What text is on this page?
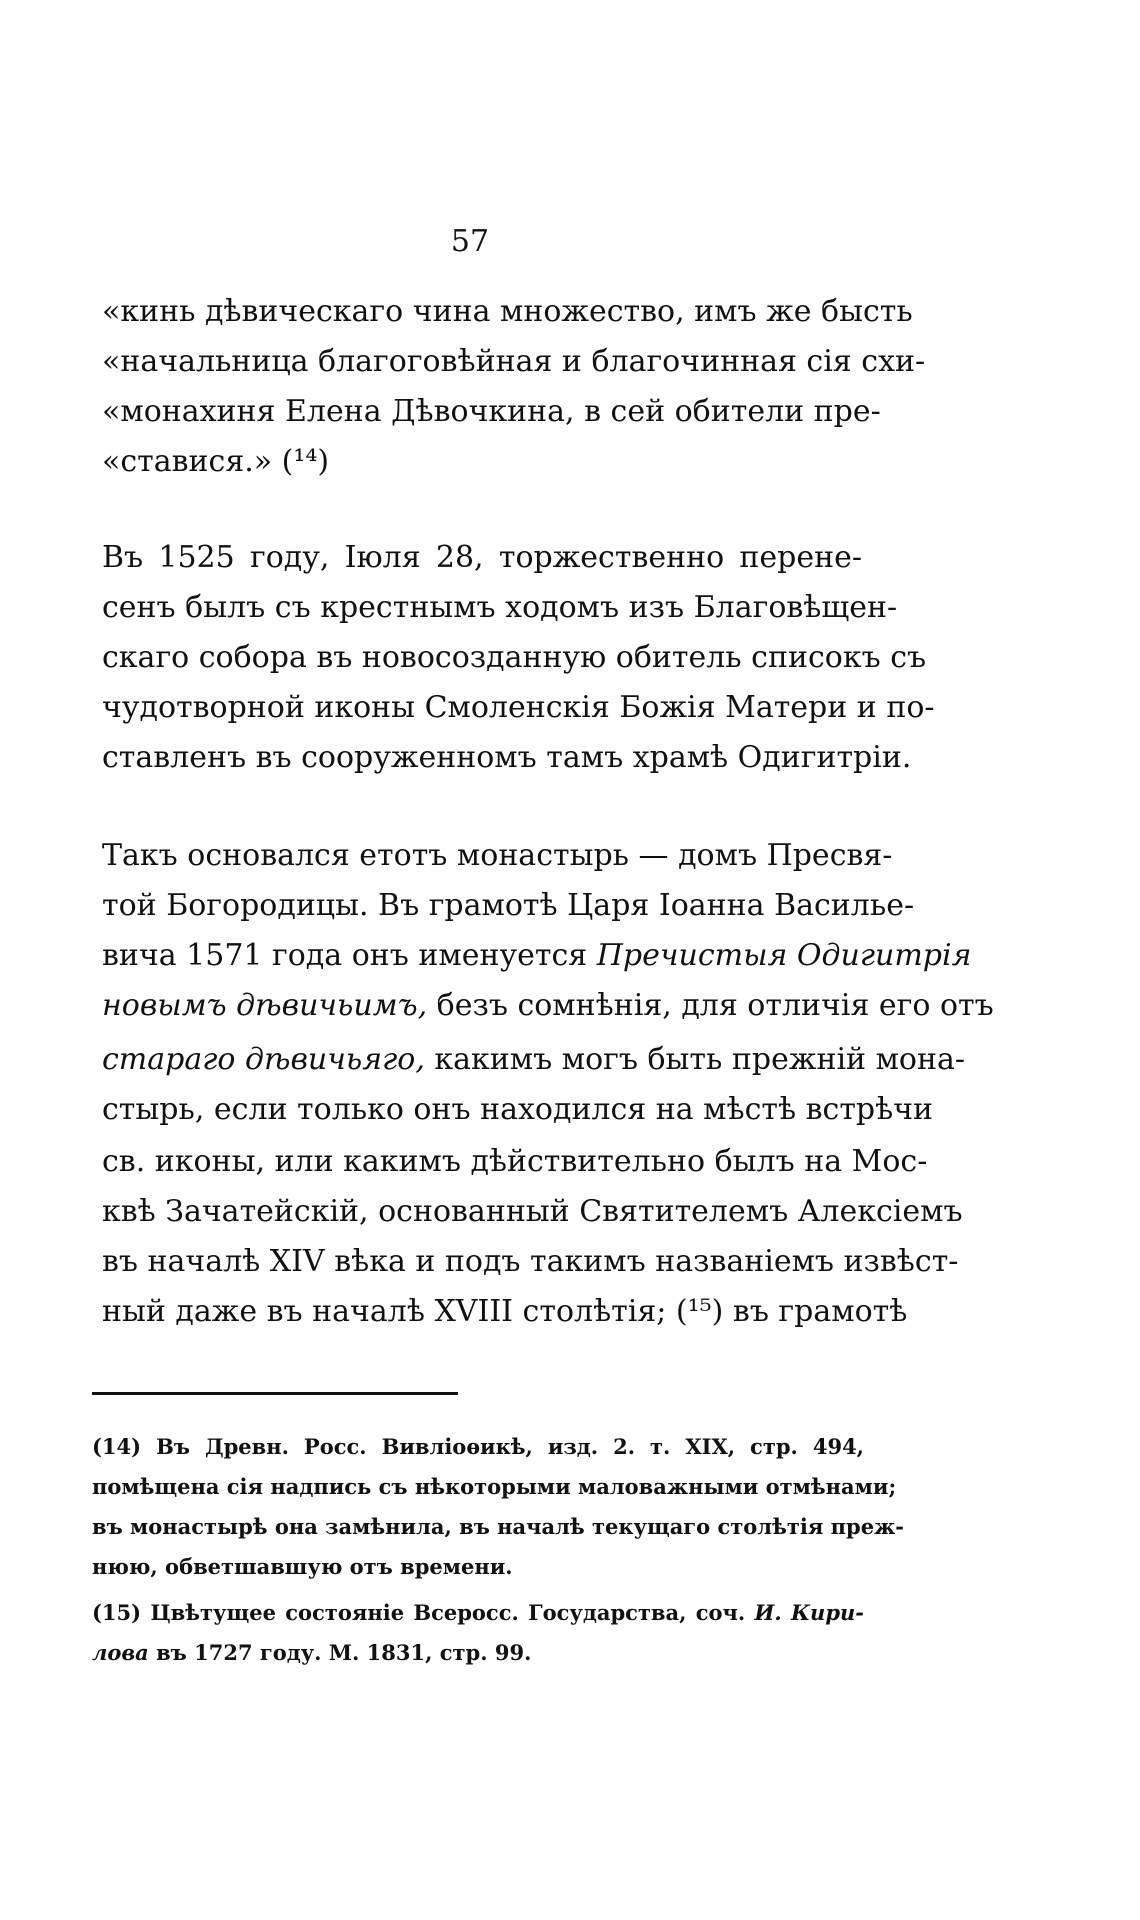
57
«кинь дѣвическаго чина множество, имъ же бысть
«начальница благоговѣйная и благочинная сія схи-
«монахиня Елена Дѣвочкина, в сей обители пре-
«ставися.» (¹⁴)
Въ 1525 году, Іюля 28, торжественно перене-
сенъ былъ съ крестнымъ ходомъ изъ Благовѣщен-
скаго собора въ новосозданную обитель списокъ съ
чудотворной иконы Смоленскія Божія Матери и по-
ставленъ въ сооруженномъ тамъ храмѣ Одигитріи.
Такъ основался етотъ монастырь — домъ Пресвя-
той Богородицы. Въ грамотѣ Царя Іоанна Василье-
вича 1571 года онъ именуется Пречистыя Одигитрія
новымъ дѣвичьимъ, безъ сомнѣнія, для отличія его отъ
стараго дѣвичьяго, какимъ могъ быть прежній мона-
стырь, если только онъ находился на мѣстѣ встрѣчи
св. иконы, или какимъ дѣйствительно былъ на Мос-
квѣ Зачатейскій, основанный Святителемъ Алексіемъ
въ началѣ XIV вѣка и подъ такимъ названіемъ извѣст-
ный даже въ началѣ XVIII столѣтія; (¹⁵) въ грамотѣ
(14) Въ Древн. Росс. Вивліоѳикѣ, изд. 2. т. XIX, стр. 494,
помѣщена сія надпись съ нѣкоторыми маловажными отмѣнами;
въ монастырѣ она замѣнила, въ началѣ текущаго столѣтія преж-
нюю, обветшавшую отъ времени.
(15) Цвѣтущее состояніе Всеросс. Государства, соч. И. Кири-
лова въ 1727 году. М. 1831, стр. 99.
